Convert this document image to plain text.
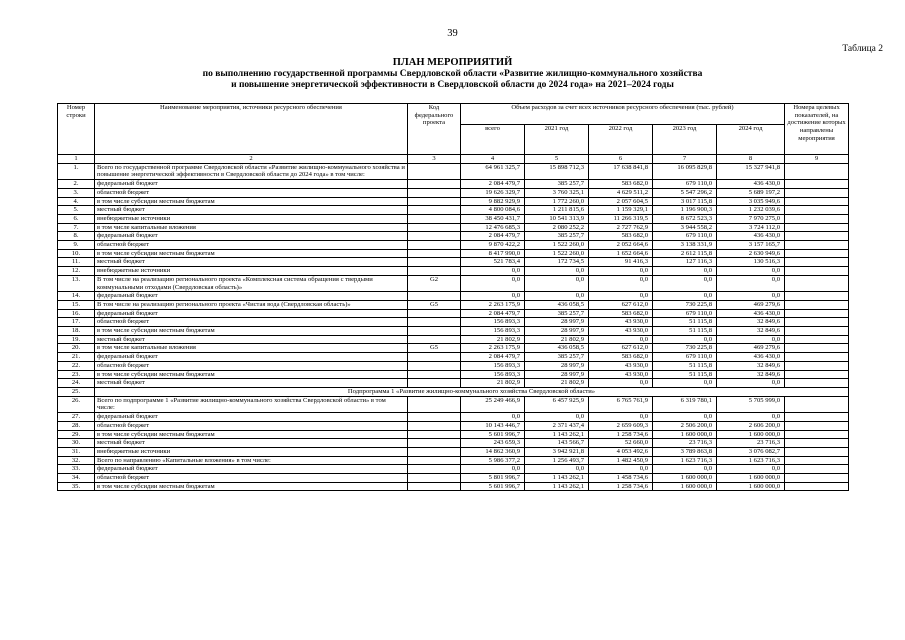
39
Таблица 2
ПЛАН МЕРОПРИЯТИЙ
по выполнению государственной программы Свердловской области «Развитие жилищно-коммунального хозяйства
и повышение энергетической эффективности в Свердловской области до 2024 года» на 2021–2024 годы
Номер строки	Наименование мероприятия, источники ресурсного обеспечения	Код федерального проекта	Объем расходов за счет всех источников ресурсного обеспечения (тыс. рублей)					Номера целевых показателей, на достижение которых направлены мероприятия
			всего	2021 год	2022 год	2023 год	2024 год	
1	2	3	4	5	6	7	8	9
1.	Всего по государственной программе Свердловской области «Развитие жилищно-коммунального хозяйства и повышение энергетической эффективности в Свердловской области до 2024 года» в том числе:		64 961 325,7	15 898 712,3	17 638 841,8	16 095 829,8	15 327 941,8	
2.	федеральный бюджет		2 084 479,7	385 257,7	583 682,0	679 110,0	436 430,0	
3.	областной бюджет		19 626 329,7	3 760 325,1	4 629 511,2	5 547 296,2	5 689 197,2	
4.	в том числе субсидии местным бюджетам		9 882 929,9	1 772 260,0	2 057 604,5	3 017 115,8	3 035 949,6	
5.	местный бюджет		4 800 084,6	1 211 815,6	1 159 329,1	1 196 900,3	1 232 039,6	
6.	внебюджетные источники		38 450 431,7	10 541 313,9	11 266 319,5	8 672 523,3	7 970 275,0	
7.	в том числе капитальные вложения		12 476 685,3	2 080 252,2	2 727 762,9	3 944 558,2	3 724 112,0	
8.	федеральный бюджет		2 084 479,7	385 257,7	583 682,0	679 110,0	436 430,0	
9.	областной бюджет		9 870 422,2	1 522 260,0	2 052 664,6	3 138 331,9	3 157 165,7	
10.	в том числе субсидии местным бюджетам		8 417 990,0	1 522 260,0	1 652 664,6	2 612 115,8	2 630 949,6	
11.	местный бюджет		521 783,4	172 734,5	91 416,3	127 116,3	130 516,3	
12.	внебюджетные источники		0,0	0,0	0,0	0,0	0,0	
13.	В том числе на реализацию регионального проекта «Комплексная система обращения с твердыми коммунальными отходами (Свердловская область)»	G2	0,0	0,0	0,0	0,0	0,0	
14.	федеральный бюджет		0,0	0,0	0,0	0,0	0,0	
15.	В том числе на реализацию регионального проекта «Чистая вода (Свердловская область)»	G5	2 263 175,9	436 058,5	627 612,0	730 225,8	469 279,6	
16.	федеральный бюджет		2 084 479,7	385 257,7	583 682,0	679 110,0	436 430,0	
17.	областной бюджет		156 893,3	28 997,9	43 930,0	51 115,8	32 849,6	
18.	в том числе субсидии местным бюджетам		156 893,3	28 997,9	43 930,0	51 115,8	32 849,6	
19.	местный бюджет		21 802,9	21 802,9	0,0	0,0	0,0	
20.	в том числе капитальные вложения	G5	2 263 175,9	436 058,5	627 612,0	730 225,8	469 279,6	
21.	федеральный бюджет		2 084 479,7	385 257,7	583 682,0	679 110,0	436 430,0	
22.	областной бюджет		156 893,3	28 997,9	43 930,0	51 115,8	32 849,6	
23.	в том числе субсидии местным бюджетам		156 893,3	28 997,9	43 930,0	51 115,8	32 849,6	
24.	местный бюджет		21 802,9	21 802,9	0,0	0,0	0,0	
25.	Подпрограмма 1 «Развитие жилищно-коммунального хозяйства Свердловской области»							
26.	Всего по подпрограмме 1 «Развитие жилищно-коммунального хозяйства Свердловской области» в том числе:		25 249 466,9	6 457 925,9	6 765 761,9	6 319 780,1	5 705 999,0	
27.	федеральный бюджет		0,0	0,0	0,0	0,0	0,0	
28.	областной бюджет		10 143 446,7	2 371 437,4	2 659 609,3	2 506 200,0	2 606 200,0	
29.	в том числе субсидии местным бюджетам		5 601 996,7	1 143 262,1	1 258 734,6	1 600 000,0	1 600 000,0	
30.	местный бюджет		243 659,3	143 566,7	52 660,0	23 716,3	23 716,3	
31.	внебюджетные источники		14 862 360,9	3 942 921,8	4 053 492,6	3 789 863,8	3 076 082,7	
32.	Всего по направлению «Капитальные вложения» в том числе:		5 986 377,2	1 256 493,7	1 482 450,9	1 623 716,3	1 623 716,3	
33.	федеральный бюджет		0,0	0,0	0,0	0,0	0,0	
34.	областной бюджет		5 801 996,7	1 143 262,1	1 458 734,6	1 600 000,0	1 600 000,0	
35.	в том числе субсидии местным бюджетам		5 601 996,7	1 143 262,1	1 258 734,6	1 600 000,0	1 600 000,0	
